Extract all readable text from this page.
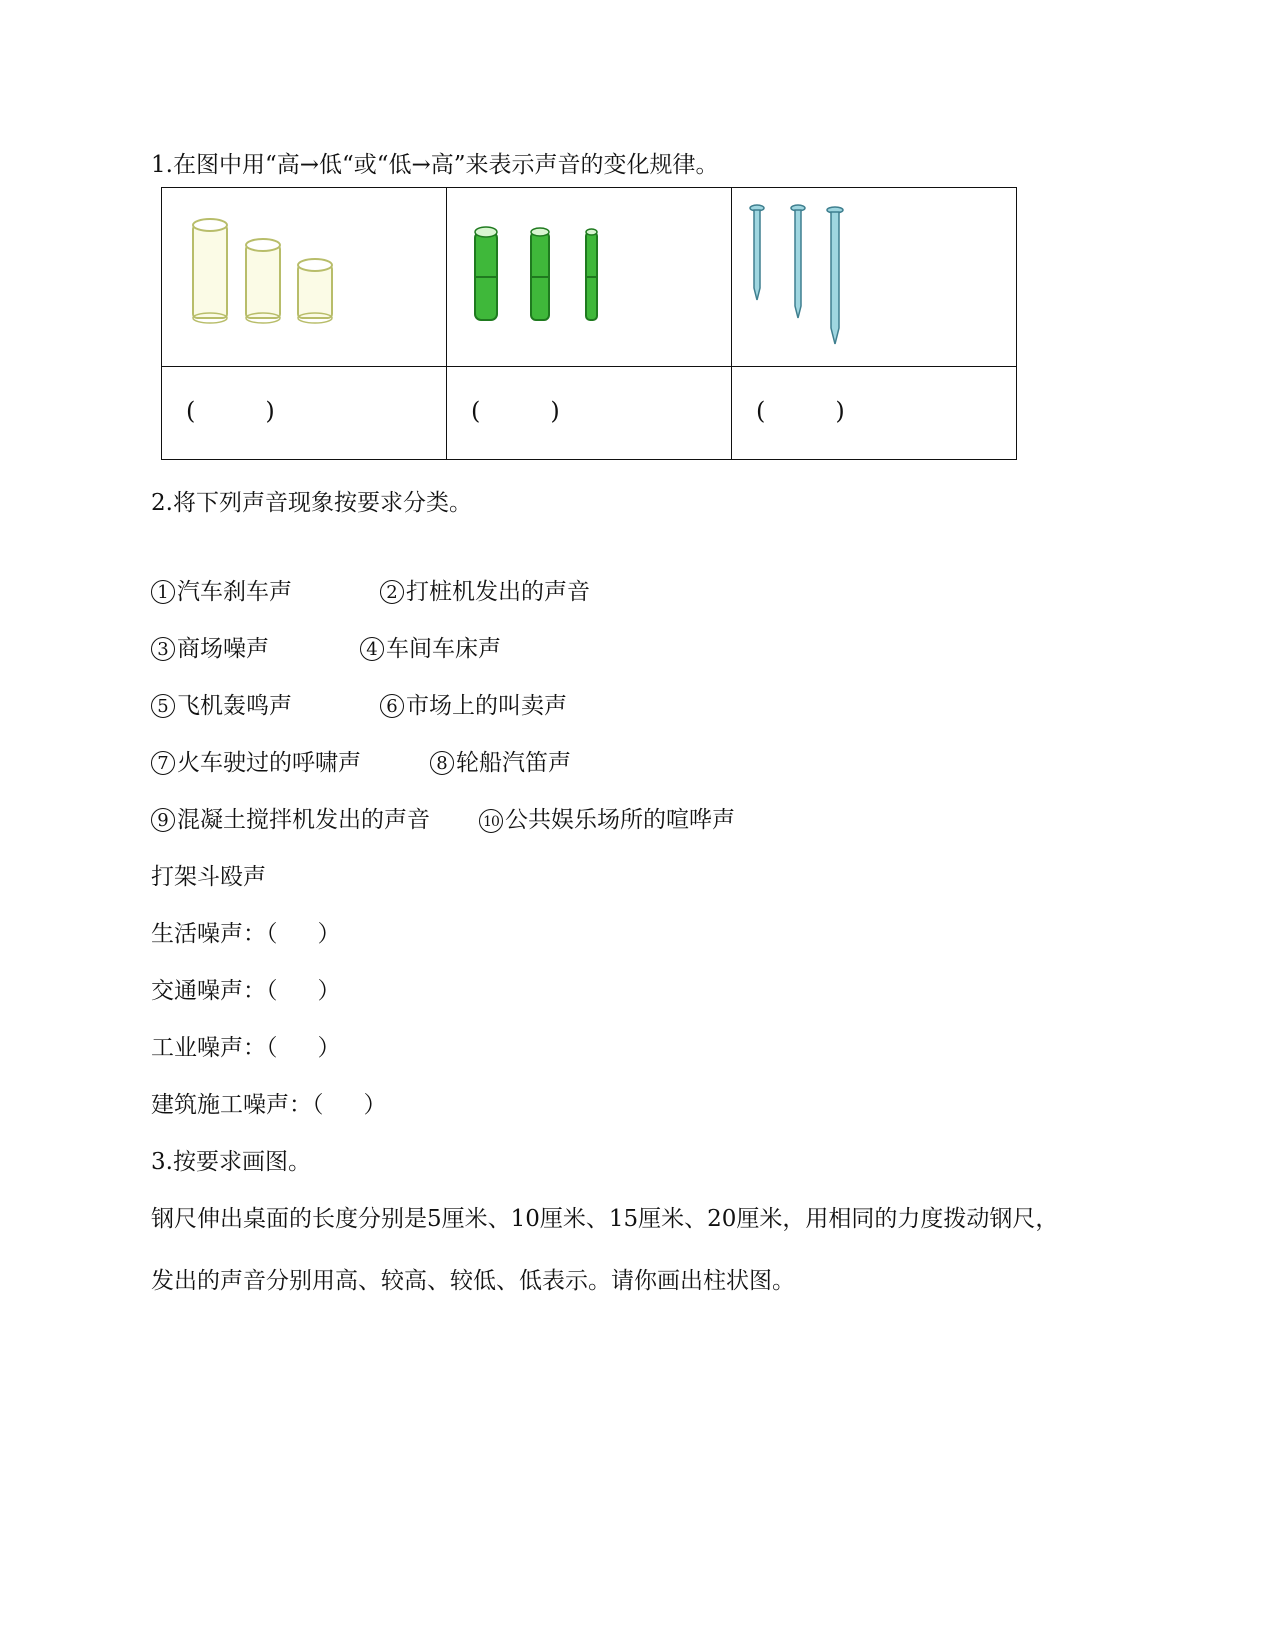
1.在图中用“高→低“或“低→高”来表示声音的变化规律。

( )	( )	( )
2.将下列声音现象按要求分类。
1 汽车刹车声	2 打桩机发出的声音
3 商场噪声	4 车间车床声
5 飞机轰鸣声	6 市场上的叫卖声
7 火车驶过的呼啸声	8 轮船汽笛声
9 混凝土搅拌机发出的声音	10 公共娱乐场所的喧哗声
打架斗殴声
生活噪声：（ ）
交通噪声：（ ）
工业噪声：（ ）
建筑施工噪声：（ ）
3.按要求画图。
钢尺伸出桌面的长度分别是5厘米、10厘米、15厘米、20厘米，用相同的力度拨动钢尺，
发出的声音分别用高、较高、较低、低表示。请你画出柱状图。
